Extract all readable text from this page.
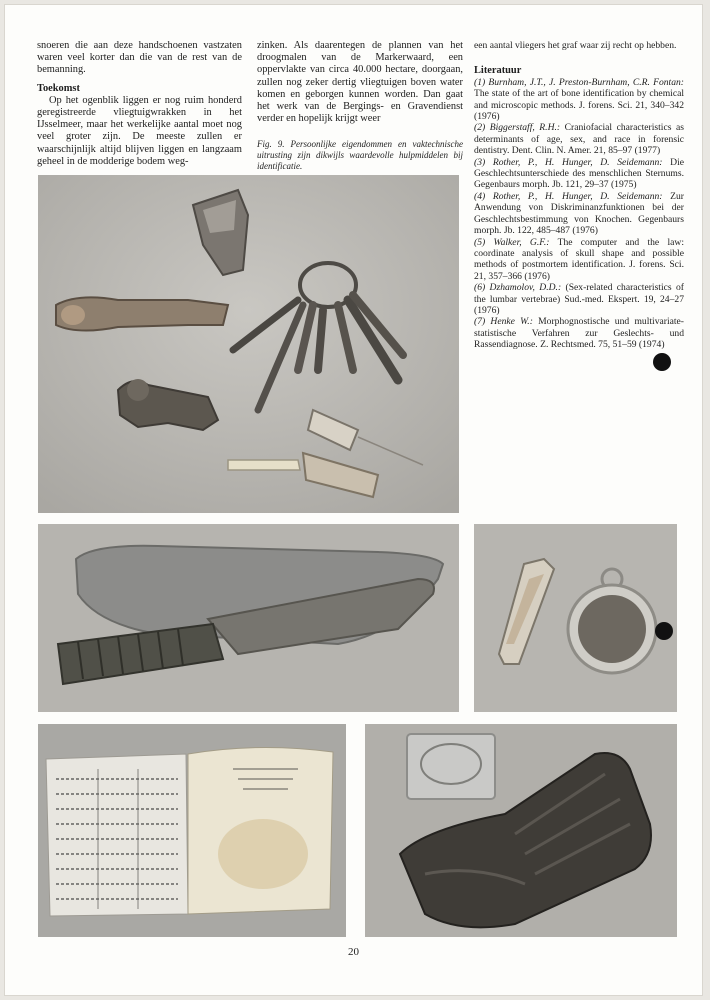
snoeren die aan deze handschoenen vastzaten waren veel korter dan die van de rest van de bemanning.

Toekomst

Op het ogenblik liggen er nog ruim honderd geregistreerde vliegtuigwrakken in het IJsselmeer, maar het werkelijke aantal moet nog veel groter zijn. De meeste zullen er waarschijnlijk altijd blijven liggen en langzaam geheel in de modderige bodem weg-

zinken. Als daarentegen de plannen van het droogmalen van de Markerwaard, een oppervlakte van circa 40.000 hectare, doorgaan, zullen nog zeker dertig vliegtuigen boven water komen en geborgen kunnen worden. Dan gaat het werk van de Bergings- en Gravendienst verder en hopelijk krijgt weer

Fig. 9. Persoonlijke eigendommen en vaktechnische uitrusting zijn dikwijls waardevolle hulpmiddelen bij identificatie.

een aantal vliegers het graf waar zij recht op hebben.

Literatuur

(1) Burnham, J.T., J. Preston-Burnham, C.R. Fontan: The state of the art of bone identification by chemical and microscopic methods. J. forens. Sci. 21, 340–342 (1976)

(2) Biggerstaff, R.H.: Craniofacial characteristics as determinants of age, sex, and race in forensic dentistry. Dent. Clin. N. Amer. 21, 85–97 (1977)

(3) Rother, P., H. Hunger, D. Seidemann: Die Geschlechtsunterschiede des menschlichen Sternums. Gegenbaurs morph. Jb. 121, 29–37 (1975)

(4) Rother, P., H. Hunger, D. Seidemann: Zur Anwendung von Diskriminanzfunktionen bei der Geschlechtsbestimmung von Knochen. Gegenbaurs morph. Jb. 122, 485–487 (1976)

(5) Walker, G.F.: The computer and the law: coordinate analysis of skull shape and possible methods of postmortem identification. J. forens. Sci. 21, 357–366 (1976)

(6) Dzhamolov, D.D.: (Sex-related characteristics of the lumbar vertebrae) Sud.-med. Ekspert. 19, 24–27 (1976)

(7) Henke W.: Morphognostische und multivariate-statistische Verfahren zur Geslechts- und Rassendiagnose. Z. Rechtsmed. 75, 51–59 (1974)

20
